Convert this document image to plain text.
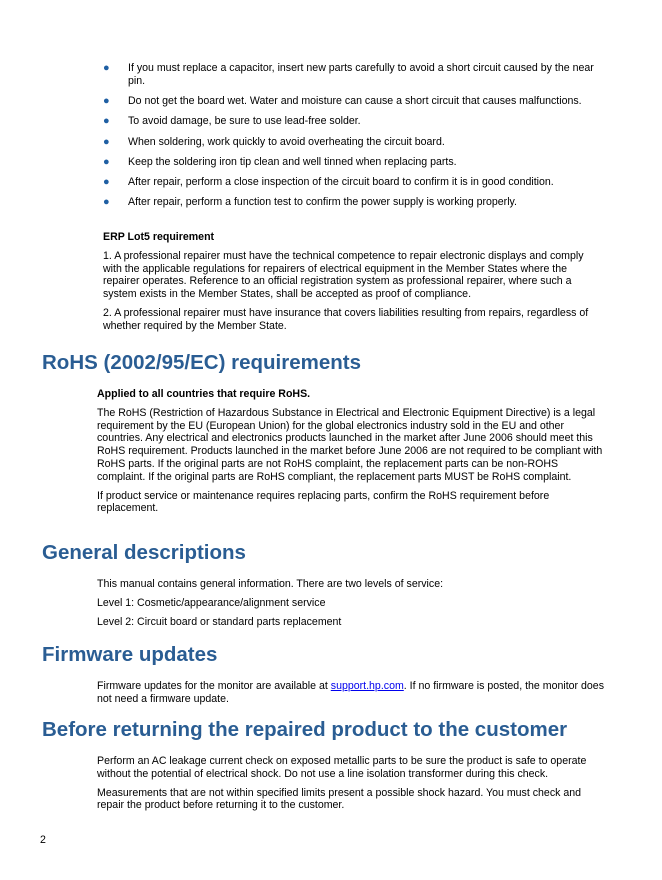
● If you must replace a capacitor, insert new parts carefully to avoid a short circuit caused by the near pin.
● Do not get the board wet. Water and moisture can cause a short circuit that causes malfunctions.
● To avoid damage, be sure to use lead-free solder.
● When soldering, work quickly to avoid overheating the circuit board.
● Keep the soldering iron tip clean and well tinned when replacing parts.
● After repair, perform a close inspection of the circuit board to confirm it is in good condition.
● After repair, perform a function test to confirm the power supply is working properly.

ERP Lot5 requirement

1. A professional repairer must have the technical competence to repair electronic displays and comply with the applicable regulations for repairers of electrical equipment in the Member States where the repairer operates. Reference to an official registration system as professional repairer, where such a system exists in the Member States, shall be accepted as proof of compliance.

2. A professional repairer must have insurance that covers liabilities resulting from repairs, regardless of whether required by the Member State.

RoHS (2002/95/EC) requirements

Applied to all countries that require RoHS.

The RoHS (Restriction of Hazardous Substance in Electrical and Electronic Equipment Directive) is a legal requirement by the EU (European Union) for the global electronics industry sold in the EU and other countries. Any electrical and electronics products launched in the market after June 2006 should meet this RoHS requirement. Products launched in the market before June 2006 are not required to be compliant with RoHS parts. If the original parts are not RoHS complaint, the replacement parts can be non-ROHS complaint. If the original parts are RoHS compliant, the replacement parts MUST be RoHS complaint.

If product service or maintenance requires replacing parts, confirm the RoHS requirement before replacement.

General descriptions

This manual contains general information. There are two levels of service:

Level 1: Cosmetic/appearance/alignment service

Level 2: Circuit board or standard parts replacement

Firmware updates

Firmware updates for the monitor are available at support.hp.com. If no firmware is posted, the monitor does not need a firmware update.

Before returning the repaired product to the customer

Perform an AC leakage current check on exposed metallic parts to be sure the product is safe to operate without the potential of electrical shock. Do not use a line isolation transformer during this check.

Measurements that are not within specified limits present a possible shock hazard. You must check and repair the product before returning it to the customer.

2
